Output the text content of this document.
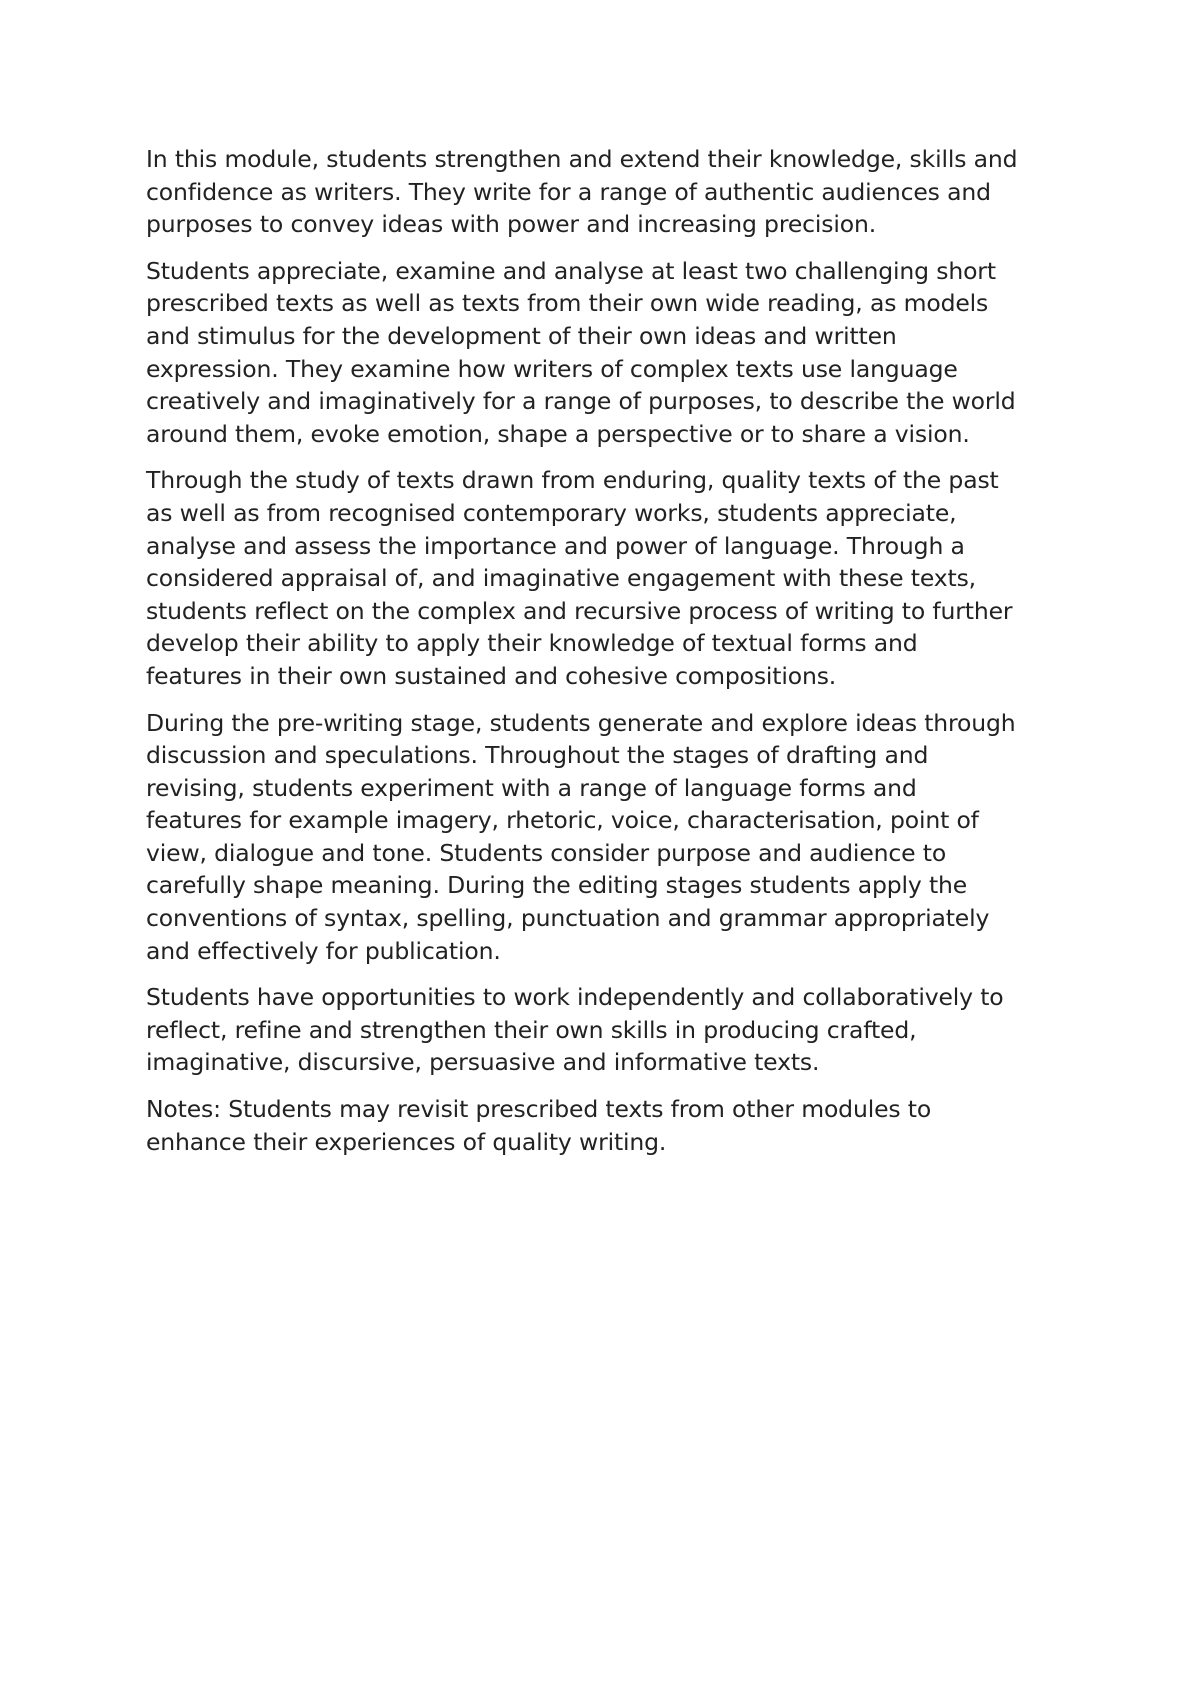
In this module, students strengthen and extend their knowledge, skills and
confidence as writers. They write for a range of authentic audiences and
purposes to convey ideas with power and increasing precision.

Students appreciate, examine and analyse at least two challenging short
prescribed texts as well as texts from their own wide reading, as models
and stimulus for the development of their own ideas and written
expression. They examine how writers of complex texts use language
creatively and imaginatively for a range of purposes, to describe the world
around them, evoke emotion, shape a perspective or to share a vision.

Through the study of texts drawn from enduring, quality texts of the past
as well as from recognised contemporary works, students appreciate,
analyse and assess the importance and power of language. Through a
considered appraisal of, and imaginative engagement with these texts,
students reflect on the complex and recursive process of writing to further
develop their ability to apply their knowledge of textual forms and
features in their own sustained and cohesive compositions.

During the pre-writing stage, students generate and explore ideas through
discussion and speculations. Throughout the stages of drafting and
revising, students experiment with a range of language forms and
features for example imagery, rhetoric, voice, characterisation, point of
view, dialogue and tone. Students consider purpose and audience to
carefully shape meaning. During the editing stages students apply the
conventions of syntax, spelling, punctuation and grammar appropriately
and effectively for publication.

Students have opportunities to work independently and collaboratively to
reflect, refine and strengthen their own skills in producing crafted,
imaginative, discursive, persuasive and informative texts.

Notes: Students may revisit prescribed texts from other modules to
enhance their experiences of quality writing.
